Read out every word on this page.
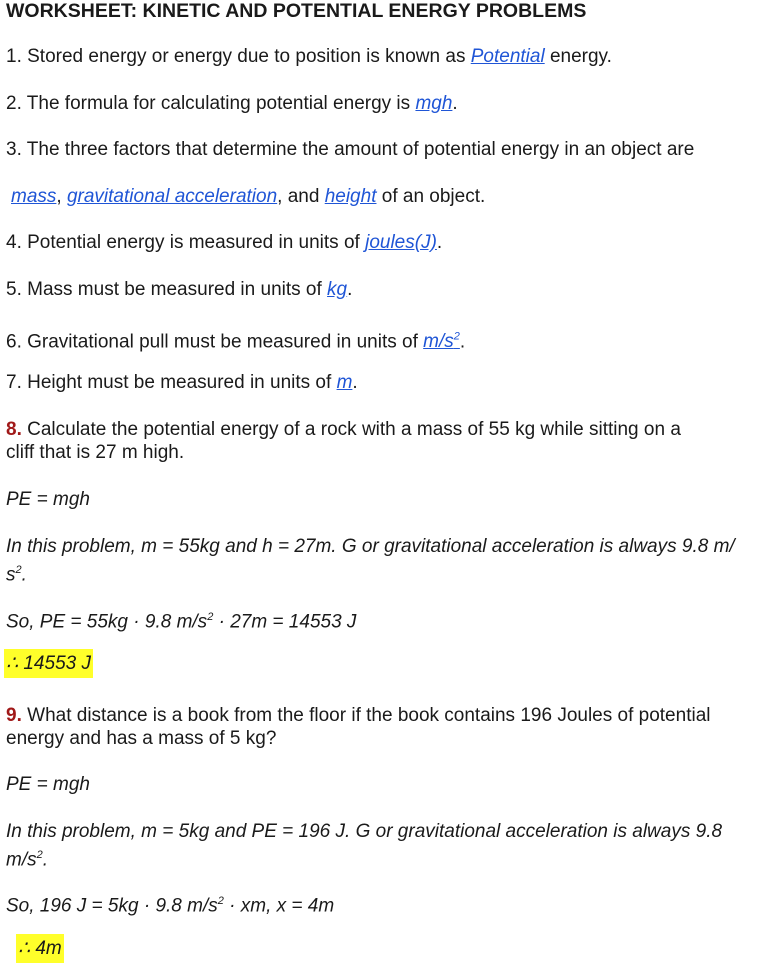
WORKSHEET: KINETIC AND POTENTIAL ENERGY PROBLEMS
1. Stored energy or energy due to position is known as Potential energy.
2. The formula for calculating potential energy is mgh.
3. The three factors that determine the amount of potential energy in an object are
mass, gravitational acceleration, and height of an object.
4. Potential energy is measured in units of joules(J).
5. Mass must be measured in units of kg.
6. Gravitational pull must be measured in units of $m/s^2$.
7. Height must be measured in units of m.
8. Calculate the potential energy of a rock with a mass of 55 kg while sitting on a
cliff that is 27 m high.
PE = mgh
In this problem, m = 55kg and h = 27m. G or gravitational acceleration is always 9.8 m/
$s^2$.
So, PE = 55kg · 9.8 $m/s^2 \cdot 27m = 14553$ J
∴ 14553 J
9. What distance is a book from the floor if the book contains 196 Joules of potential
energy and has a mass of 5 kg?
PE = mgh
In this problem, m = 5kg and PE = 196 J. G or gravitational acceleration is always 9.8
$m/s^2$.
So, 196 J = 5kg · 9.8 $m/s^2$ · xm, x = 4m
∴ 4m
